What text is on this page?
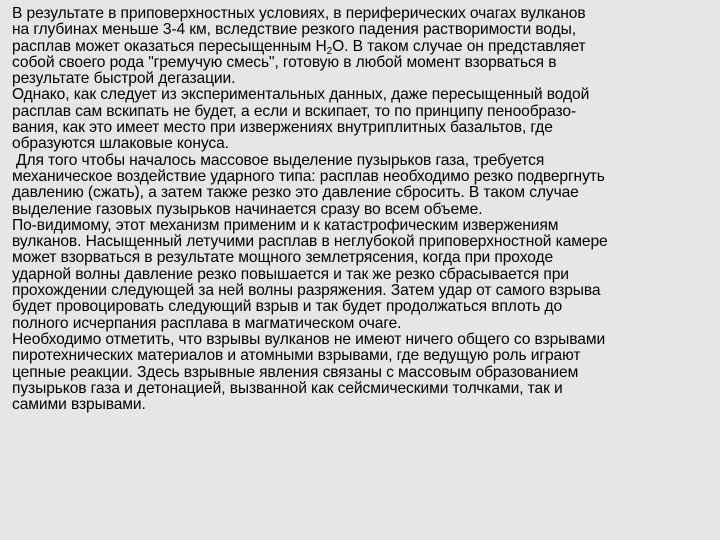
В результате в приповерхностных условиях, в периферических очагах вулканов
на глубинах меньше 3-4 км, вследствие резкого падения растворимости воды,
расплав может оказаться пересыщенным $Н_2О$. В таком случае он представляет
собой своего рода "гремучую смесь", готовую в любой момент взорваться в
результате быстрой дегазации.

Однако, как следует из экспериментальных данных, даже пересыщенный водой
расплав сам вскипать не будет, а если и вскипает, то по принципу пенообразо-
вания, как это имеет место при извержениях внутриплитных базальтов, где
образуются шлаковые конуса.

Для того чтобы началось массовое выделение пузырьков газа, требуется
механическое воздействие ударного типа: расплав необходимо резко подвергнуть
давлению (сжать), а затем также резко это давление сбросить. В таком случае
выделение газовых пузырьков начинается сразу во всем объеме.

По-видимому, этот механизм применим и к катастрофическим извержениям
вулканов. Насыщенный летучими расплав в неглубокой приповерхностной камере
может взорваться в результате мощного землетрясения, когда при проходе
ударной волны давление резко повышается и так же резко сбрасывается при
прохождении следующей за ней волны разряжения. Затем удар от самого взрыва
будет провоцировать следующий взрыв и так будет продолжаться вплоть до
полного исчерпания расплава в магматическом очаге.

Необходимо отметить, что взрывы вулканов не имеют ничего общего со взрывами
пиротехнических материалов и атомными взрывами, где ведущую роль играют
цепные реакции. Здесь взрывные явления связаны с массовым образованием
пузырьков газа и детонацией, вызванной как сейсмическими толчками, так и
самими взрывами.
